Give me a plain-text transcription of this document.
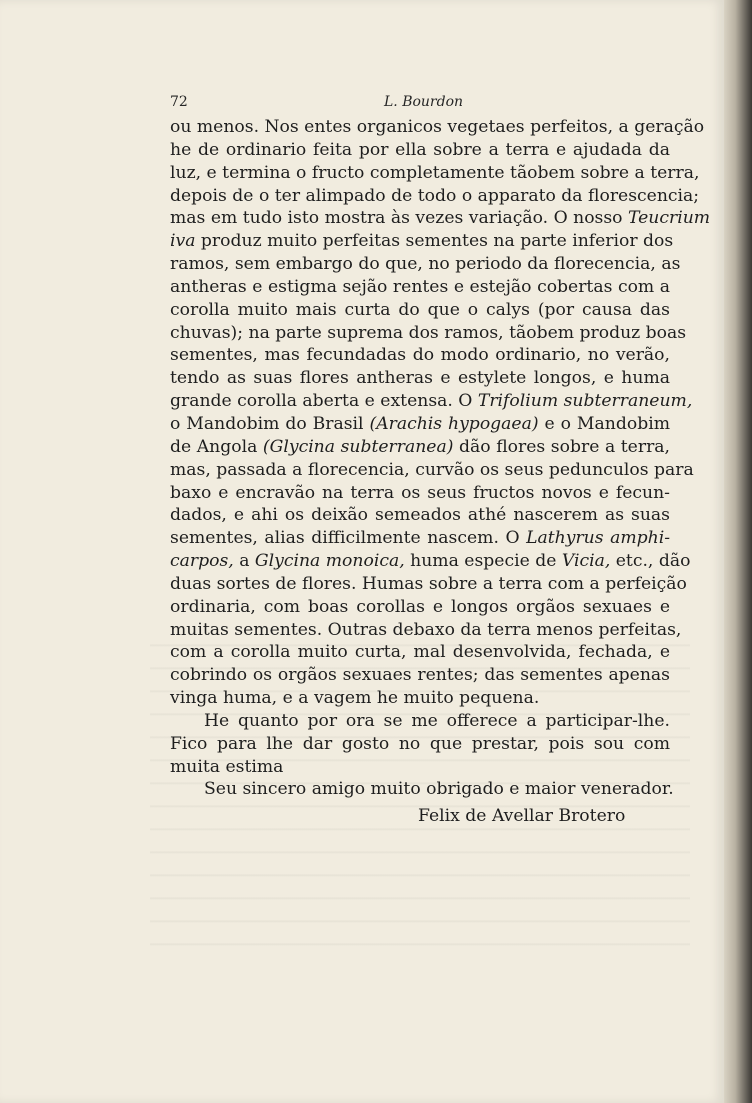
72	L. Bourdon
ou menos. Nos entes organicos vegetaes perfeitos, a geração
he de ordinario feita por ella sobre a terra e ajudada da
luz, e termina o fructo completamente tãobem sobre a terra,
depois de o ter alimpado de todo o apparato da florescencia;
mas em tudo isto mostra às vezes variação. O nosso Teucrium
iva produz muito perfeitas sementes na parte inferior dos
ramos, sem embargo do que, no periodo da florecencia, as
antheras e estigma sejão rentes e estejão cobertas com a
corolla muito mais curta do que o calys (por causa das
chuvas); na parte suprema dos ramos, tãobem produz boas
sementes, mas fecundadas do modo ordinario, no verão,
tendo as suas flores antheras e estylete longos, e huma
grande corolla aberta e extensa. O Trifolium subterraneum,
o Mandobim do Brasil (Arachis hypogaea) e o Mandobim
de Angola (Glycina subterranea) dão flores sobre a terra,
mas, passada a florecencia, curvão os seus pedunculos para
baxo e encravão na terra os seus fructos novos e fecun-
dados, e ahi os deixão semeados athé nascerem as suas
sementes, alias difficilmente nascem. O Lathyrus amphi-
carpos, a Glycina monoica, huma especie de Vicia, etc., dão
duas sortes de flores. Humas sobre a terra com a perfeição
ordinaria, com boas corollas e longos orgãos sexuaes e
muitas sementes. Outras debaxo da terra menos perfeitas,
com a corolla muito curta, mal desenvolvida, fechada, e
cobrindo os orgãos sexuaes rentes; das sementes apenas
vinga huma, e a vagem he muito pequena.
He quanto por ora se me offerece a participar-lhe.
Fico para lhe dar gosto no que prestar, pois sou com
muita estima
Seu sincero amigo muito obrigado e maior venerador.
Felix de Avellar Brotero
